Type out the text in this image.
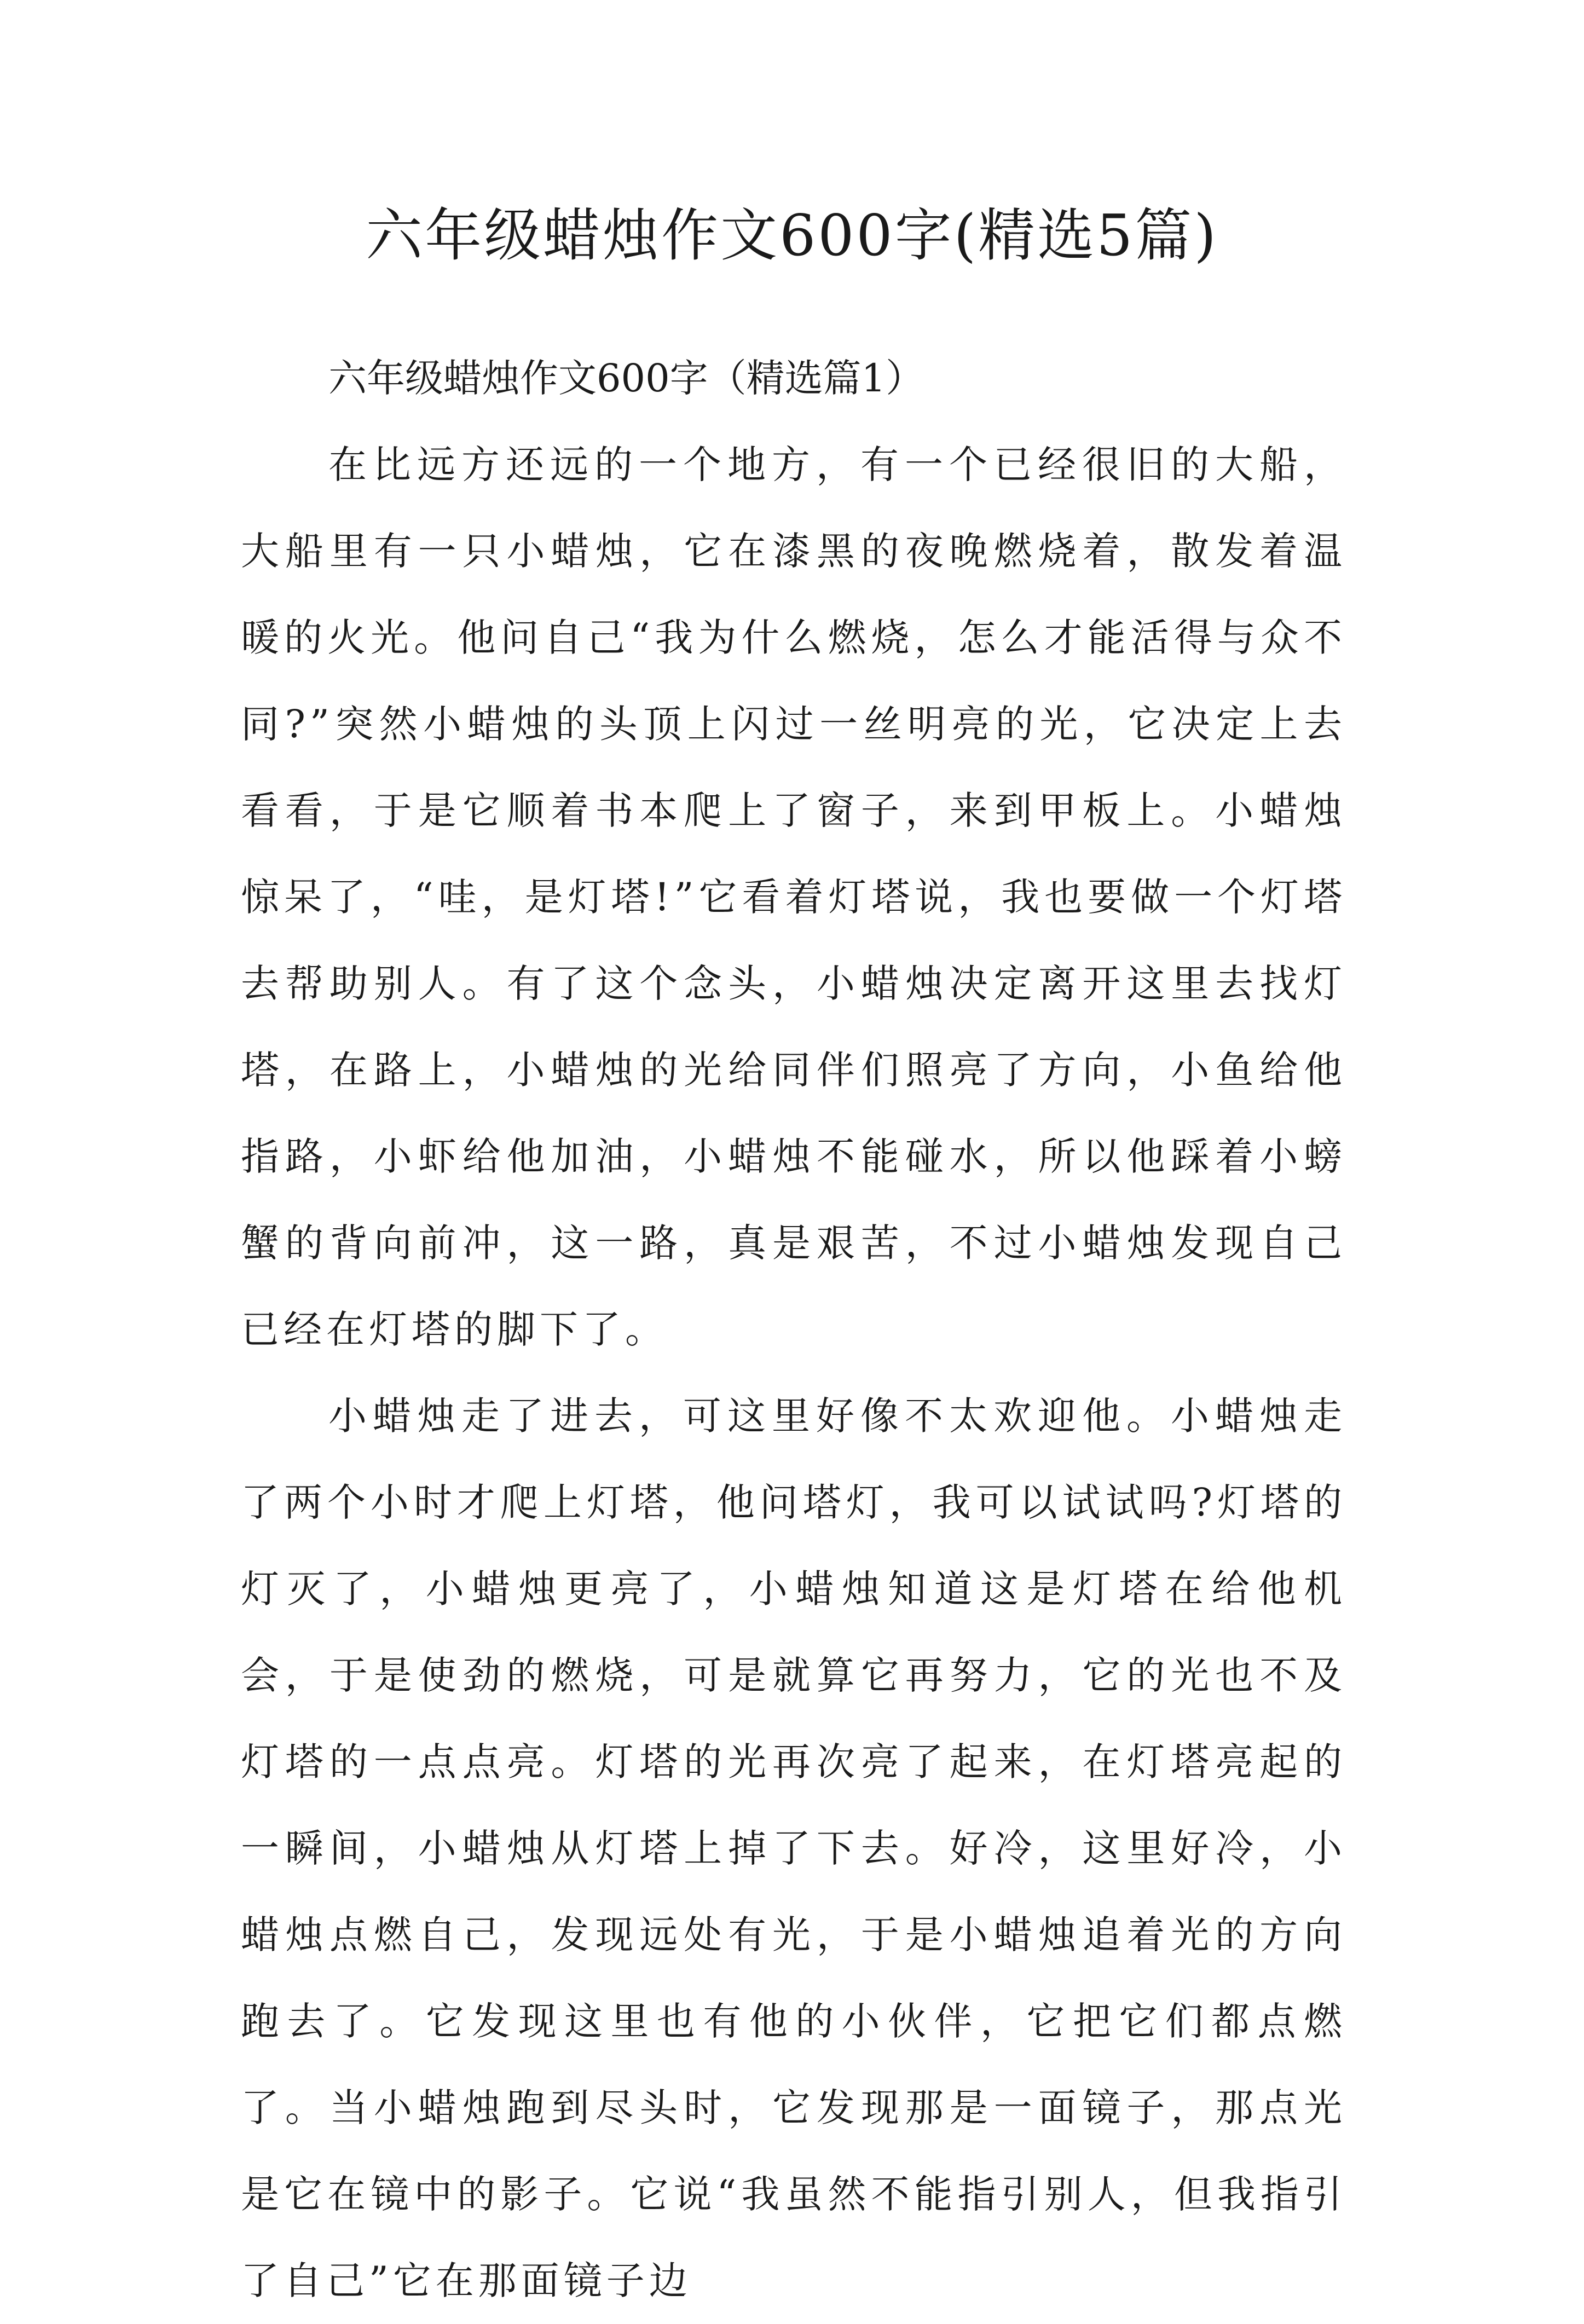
六年级蜡烛作文600字(精选5篇)

六年级蜡烛作文600字（精选篇1）

在比远方还远的一个地方，有一个已经很旧的大船，大船里有一只小蜡烛，它在漆黑的夜晚燃烧着，散发着温暖的火光。他问自己“我为什么燃烧，怎么才能活得与众不同?”突然小蜡烛的头顶上闪过一丝明亮的光，它决定上去看看，于是它顺着书本爬上了窗子，来到甲板上。小蜡烛惊呆了，“哇，是灯塔!”它看着灯塔说，我也要做一个灯塔去帮助别人。有了这个念头，小蜡烛决定离开这里去找灯塔，在路上，小蜡烛的光给同伴们照亮了方向，小鱼给他指路，小虾给他加油，小蜡烛不能碰水，所以他踩着小螃蟹的背向前冲，这一路，真是艰苦，不过小蜡烛发现自己已经在灯塔的脚下了。

小蜡烛走了进去，可这里好像不太欢迎他。小蜡烛走了两个小时才爬上灯塔，他问塔灯，我可以试试吗?灯塔的灯灭了，小蜡烛更亮了，小蜡烛知道这是灯塔在给他机会，于是使劲的燃烧，可是就算它再努力，它的光也不及灯塔的一点点亮。灯塔的光再次亮了起来，在灯塔亮起的一瞬间，小蜡烛从灯塔上掉了下去。好冷，这里好冷，小蜡烛点燃自己，发现远处有光，于是小蜡烛追着光的方向跑去了。它发现这里也有他的小伙伴，它把它们都点燃了。当小蜡烛跑到尽头时，它发现那是一面镜子，那点光是它在镜中的影子。它说“我虽然不能指引别人，但我指引了自己”它在那面镜子边
